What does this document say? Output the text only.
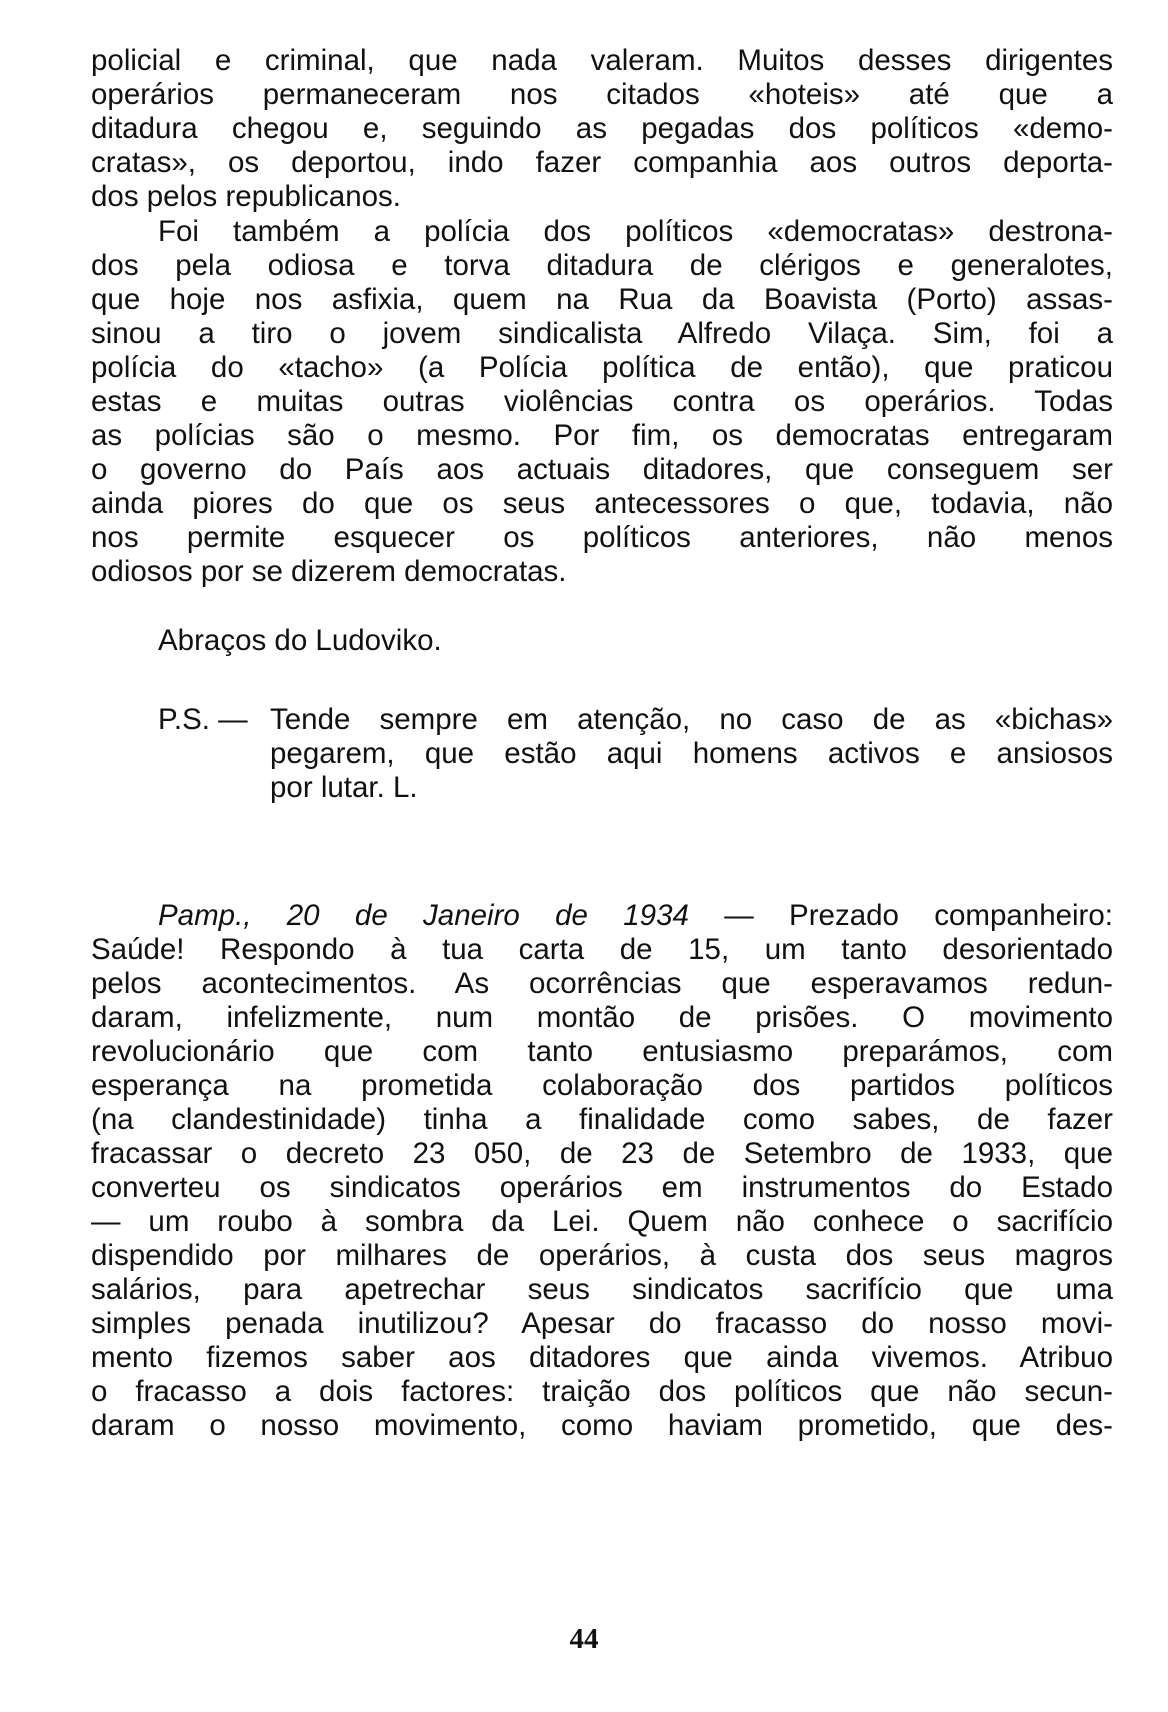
policial e criminal, que nada valeram. Muitos desses dirigentes
operários permaneceram nos citados «hoteis» até que a
ditadura chegou e, seguindo as pegadas dos políticos «demo-
cratas», os deportou, indo fazer companhia aos outros deporta-
dos pelos republicanos.
Foi também a polícia dos políticos «democratas» destrona-
dos pela odiosa e torva ditadura de clérigos e generalotes,
que hoje nos asfixia, quem na Rua da Boavista (Porto) assas-
sinou a tiro o jovem sindicalista Alfredo Vilaça. Sim, foi a
polícia do «tacho» (a Polícia política de então), que praticou
estas e muitas outras violências contra os operários. Todas
as polícias são o mesmo. Por fim, os democratas entregaram
o governo do País aos actuais ditadores, que conseguem ser
ainda piores do que os seus antecessores o que, todavia, não
nos permite esquecer os políticos anteriores, não menos
odiosos por se dizerem democratas.
Abraços do Ludoviko.
P.S. — Tende sempre em atenção, no caso de as «bichas»
pegarem, que estão aqui homens activos e ansiosos
por lutar. L.
Pamp., 20 de Janeiro de 1934 — Prezado companheiro:
Saúde! Respondo à tua carta de 15, um tanto desorientado
pelos acontecimentos. As ocorrências que esperavamos redun-
daram, infelizmente, num montão de prisões. O movimento
revolucionário que com tanto entusiasmo preparámos, com
esperança na prometida colaboração dos partidos políticos
(na clandestinidade) tinha a finalidade como sabes, de fazer
fracassar o decreto 23 050, de 23 de Setembro de 1933, que
converteu os sindicatos operários em instrumentos do Estado
— um roubo à sombra da Lei. Quem não conhece o sacrifício
dispendido por milhares de operários, à custa dos seus magros
salários, para apetrechar seus sindicatos sacrifício que uma
simples penada inutilizou? Apesar do fracasso do nosso movi-
mento fizemos saber aos ditadores que ainda vivemos. Atribuo
o fracasso a dois factores: traição dos políticos que não secun-
daram o nosso movimento, como haviam prometido, que des-
44
